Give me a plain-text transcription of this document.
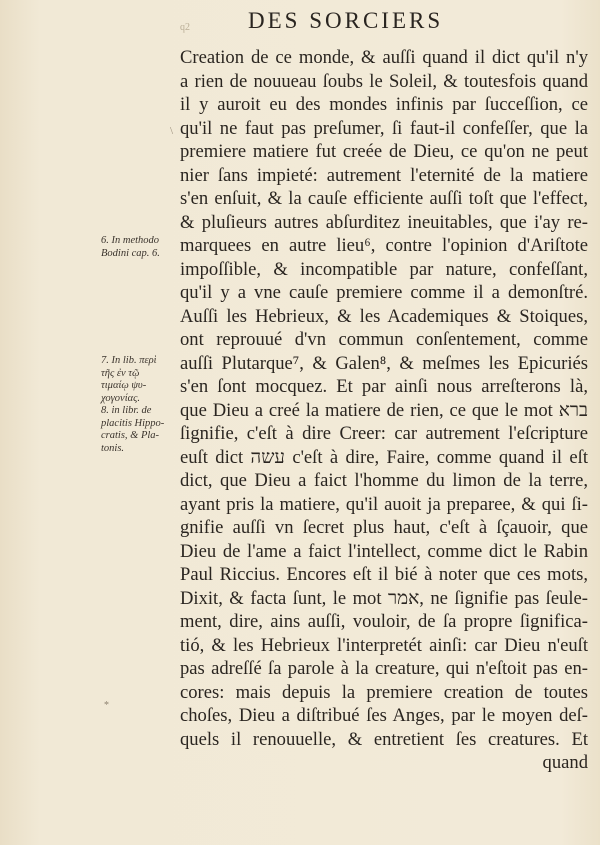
q2	DES SORCIERS
\
*
Creation de ce monde, & auſſi quand il dict qu'il n'y
a rien de nouueau ſoubs le Soleil, & toutesfois quand
il y auroit eu des mondes infinis par ſucceſſion, ce
qu'il ne faut pas preſumer, ſi faut-il confeſſer, que la
premiere matiere fut creée de Dieu, ce qu'on ne peut
nier ſans impieté: autrement l'eternité de la matiere
s'en enſuit, & la cauſe efficiente auſſi toſt que l'effect,
& pluſieurs autres abſurditez ineuitables, que i'ay re-
marquees en autre lieu⁶, contre l'opinion d'Ariſtote
impoſſible, & incompatible par nature, confeſſant,
qu'il y a vne cauſe premiere comme il a demonſtré.
Auſſi les Hebrieux, & les Academiques & Stoiques,
ont reprouué d'vn commun conſentement, comme
auſſi Plutarque⁷, & Galen⁸, & meſmes les Epicuriés
s'en ſont mocquez. Et par ainſi nous arreſterons là,
que Dieu a creé la matiere de rien, ce que le mot ברא
ſignifie, c'eſt à dire Creer: car autrement l'eſcripture
euſt dict עשה c'eſt à dire, Faire, comme quand il eſt
dict, que Dieu a faict l'homme du limon de la terre,
ayant pris la matiere, qu'il auoit ja preparee, & qui ſi-
gnifie auſſi vn ſecret plus haut, c'eſt à ſçauoir, que
Dieu de l'ame a faict l'intellect, comme dict le Rabin
Paul Riccius. Encores eſt il bié à noter que ces mots,
Dixit, & facta ſunt, le mot אמר, ne ſignifie pas ſeule-
ment, dire, ains auſſi, vouloir, de ſa propre ſignifica-
tió, & les Hebrieux l'interpretét ainſi: car Dieu n'euſt
pas adreſſé ſa parole à la creature, qui n'eſtoit pas en-
cores: mais depuis la premiere creation de toutes
choſes, Dieu a diſtribué ſes Anges, par le moyen deſ-
quels il renouuelle, & entretient ſes creatures. Et
quand
6. In methodo
Bodini cap. 6.
7. In lib. περὶ
τῆς ἐν τῷ
τιμαίῳ ψυ-
χογονίας.
8. in libr. de
placitis Hippo-
cratis, & Pla-
tonis.
